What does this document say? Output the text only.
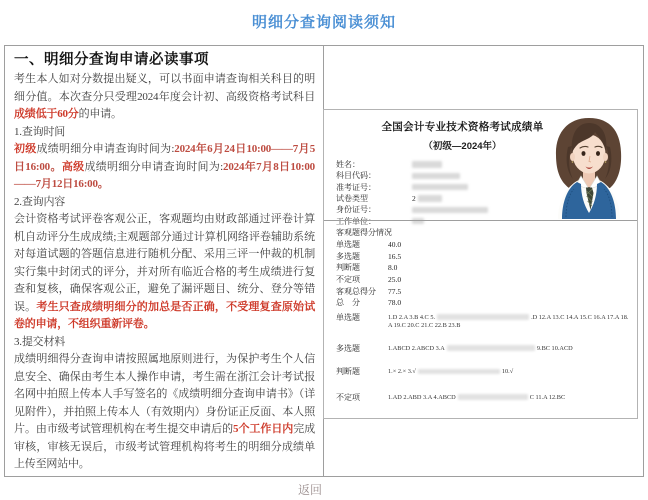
明细分查询阅读须知
一、明细分查询申请必读事项
考生本人如对分数提出疑义，可以书面申请查询相关科目的明细分值。本次查分只受理2024年度会计初、高级资格考试科目成绩低于60分的申请。
1.查询时间
初级成绩明细分申请查询时间为:2024年6月24日10:00——7月5日16:00。高级成绩明细分申请查询时间为:2024年7月8日10:00——7月12日16:00。
2.查询内容
会计资格考试评卷客观公正，客观题均由财政部通过评卷计算机自动评分生成成绩;主观题部分通过计算机网络评卷辅助系统对每道试题的答题信息进行随机分配、采用三评一仲裁的机制实行集中封闭式的评分，并对所有临近合格的考生成绩进行复查和复核，确保客观公正，避免了漏评题目、统分、登分等错误。考生只查成绩明细分的加总是否正确，不受理复查原始试卷的申请，不组织重新评卷。
3.提交材料
成绩明细得分查询申请按照属地原则进行，为保护考生个人信息安全、确保由考生本人操作申请，考生需在浙江会计考试报名网中拍照上传本人手写签名的《成绩明细分查询申请书》（详见附件），并拍照上传本人（有效期内）身份证正反面、本人照片。由市级考试管理机构在考生提交申请后的5个工作日内完成审核，审核无误后，市级考试管理机构将考生的明细分成绩单上传至网站中。
全国会计专业技术资格考试成绩单
（初级—2024年）
姓名：
科目代码：
准考证号：
试卷类型	2
身份证号：
工作单位：
客观题得分情况
单选题	40.0
多选题	16.5
判断题	8.0
不定项	25.0
客观总得分	77.5
总　分	78.0
单选题	1.D 2.A 3.B 4.C 5.	.D 12.A 13.C 14.A 15.C 16.A 17.A 18.A 19.C 20.C 21.C 22.B 23.B
多选题	1.ABCD 2.ABCD 3.A	9.BC 10.ACD
判断题	1.× 2.× 3.√	10.√
不定项	1.AD 2.ABD 3.A 4.ABCD	C 11.A 12.BC
返回
